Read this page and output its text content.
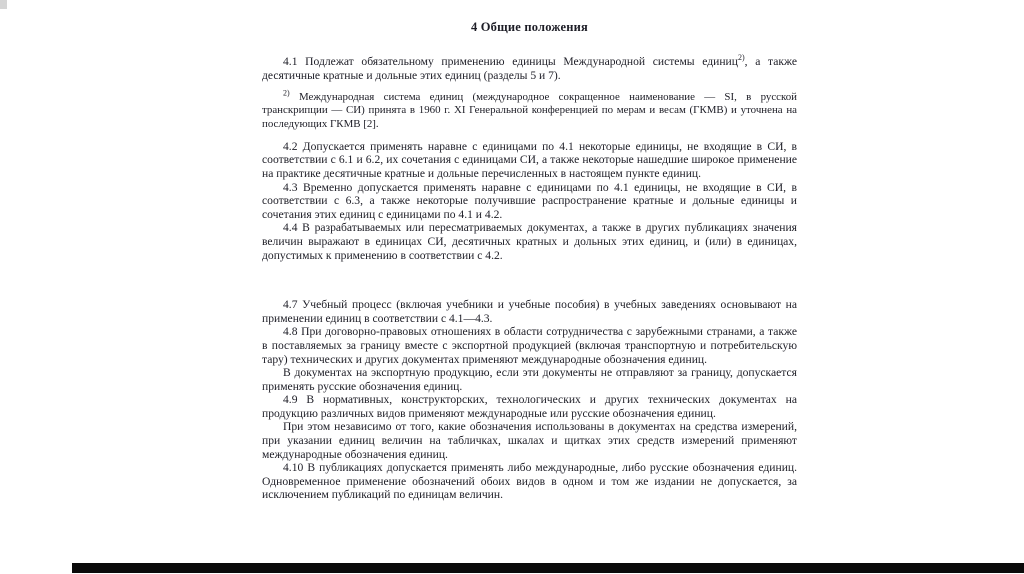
4 Общие положения

4.1 Подлежат обязательному применению единицы Международной системы единиц$^{2)}$, а также десятичные кратные и дольные этих единиц (разделы 5 и 7).

$^{2)}$ Международная система единиц (международное сокращенное наименование — SI, в русской транскрипции — СИ) принята в 1960 г. XI Генеральной конференцией по мерам и весам (ГКМВ) и уточнена на последующих ГКМВ [2].

4.2 Допускается применять наравне с единицами по 4.1 некоторые единицы, не входящие в СИ, в соответствии с 6.1 и 6.2, их сочетания с единицами СИ, а также некоторые нашедшие широкое применение на практике десятичные кратные и дольные перечисленных в настоящем пункте единиц.

4.3 Временно допускается применять наравне с единицами по 4.1 единицы, не входящие в СИ, в соответствии с 6.3, а также некоторые получившие распространение кратные и дольные единицы и сочетания этих единиц с единицами по 4.1 и 4.2.

4.4 В разрабатываемых или пересматриваемых документах, а также в других публикациях значения величин выражают в единицах СИ, десятичных кратных и дольных этих единиц, и (или) в единицах, допустимых к применению в соответствии с 4.2.

4.7 Учебный процесс (включая учебники и учебные пособия) в учебных заведениях основывают на применении единиц в соответствии с 4.1—4.3.

4.8 При договорно-правовых отношениях в области сотрудничества с зарубежными странами, а также в поставляемых за границу вместе с экспортной продукцией (включая транспортную и потребительскую тару) технических и других документах применяют международные обозначения единиц.

В документах на экспортную продукцию, если эти документы не отправляют за границу, допускается применять русские обозначения единиц.

4.9 В нормативных, конструкторских, технологических и других технических документах на продукцию различных видов применяют международные или русские обозначения единиц.

При этом независимо от того, какие обозначения использованы в документах на средства измерений, при указании единиц величин на табличках, шкалах и щитках этих средств измерений применяют международные обозначения единиц.

4.10 В публикациях допускается применять либо международные, либо русские обозначения единиц. Одновременное применение обозначений обоих видов в одном и том же издании не допускается, за исключением публикаций по единицам величин.
